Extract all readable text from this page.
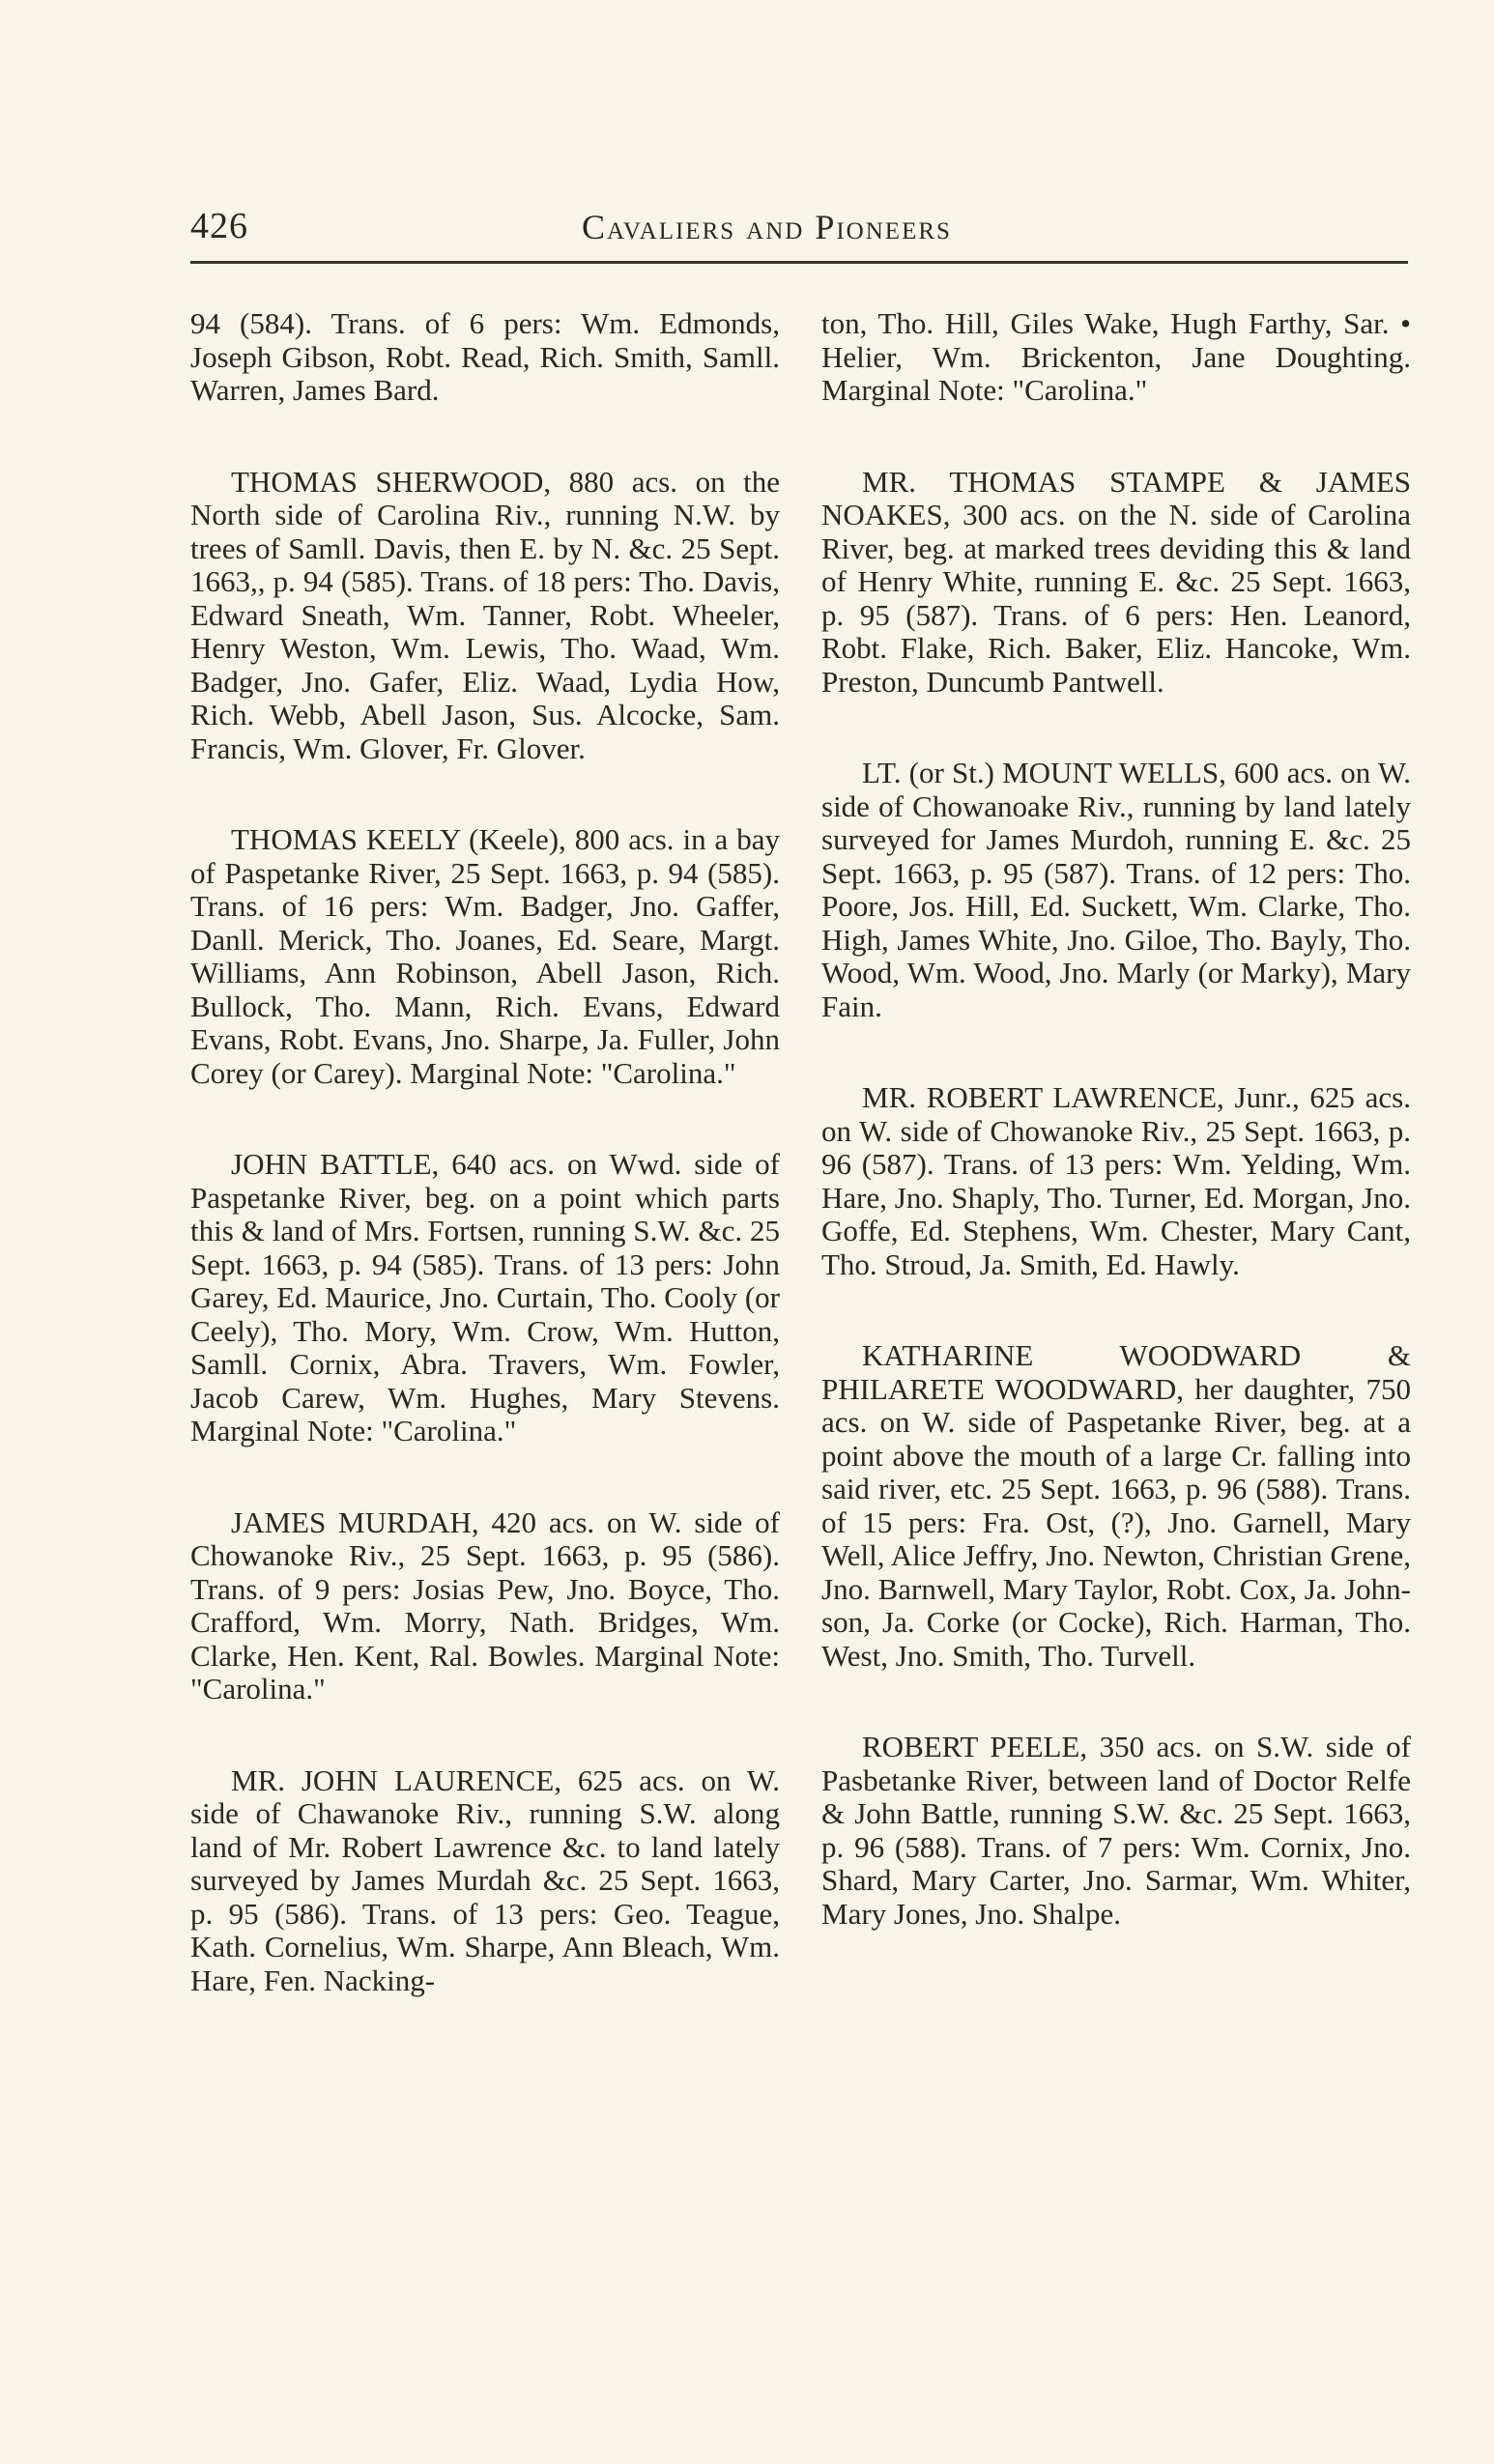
426	Cavaliers and Pioneers

94 (584). Trans. of 6 pers: Wm. Edmonds, Joseph Gibson, Robt. Read, Rich. Smith, Samll. Warren, James Bard.

THOMAS SHERWOOD, 880 acs. on the North side of Carolina Riv., running N.W. by trees of Samll. Davis, then E. by N. &c. 25 Sept. 1663,, p. 94 (585). Trans. of 18 pers: Tho. Davis, Edward Sneath, Wm. Tanner, Robt. Wheeler, Henry Weston, Wm. Lewis, Tho. Waad, Wm. Badger, Jno. Gafer, Eliz. Waad, Lydia How, Rich. Webb, Abell Jason, Sus. Alcocke, Sam. Francis, Wm. Glover, Fr. Glover.

THOMAS KEELY (Keele), 800 acs. in a bay of Paspetanke River, 25 Sept. 1663, p. 94 (585). Trans. of 16 pers: Wm. Badger, Jno. Gaffer, Danll. Merick, Tho. Joanes, Ed. Seare, Margt. Williams, Ann Robinson, Abell Jason, Rich. Bullock, Tho. Mann, Rich. Evans, Edward Evans, Robt. Evans, Jno. Sharpe, Ja. Fuller, John Corey (or Carey). Marginal Note: "Carolina."

JOHN BATTLE, 640 acs. on Wwd. side of Paspetanke River, beg. on a point which parts this & land of Mrs. Fortsen, running S.W. &c. 25 Sept. 1663, p. 94 (585). Trans. of 13 pers: John Garey, Ed. Maurice, Jno. Curtain, Tho. Cooly (or Ceely), Tho. Mory, Wm. Crow, Wm. Hutton, Samll. Cornix, Abra. Travers, Wm. Fowler, Jacob Carew, Wm. Hughes, Mary Stevens. Marginal Note: "Carolina."

JAMES MURDAH, 420 acs. on W. side of Chowanoke Riv., 25 Sept. 1663, p. 95 (586). Trans. of 9 pers: Josias Pew, Jno. Boyce, Tho. Crafford, Wm. Morry, Nath. Bridges, Wm. Clarke, Hen. Kent, Ral. Bowles. Marginal Note: "Carolina."

MR. JOHN LAURENCE, 625 acs. on W. side of Chawanoke Riv., running S.W. along land of Mr. Robert Lawrence &c. to land lately surveyed by James Murdah &c. 25 Sept. 1663, p. 95 (586). Trans. of 13 pers: Geo. Teague, Kath. Cornelius, Wm. Sharpe, Ann Bleach, Wm. Hare, Fen. Nacking-

ton, Tho. Hill, Giles Wake, Hugh Farthy, Sar. • Helier, Wm. Brickenton, Jane Doughting. Marginal Note: "Carolina."

MR. THOMAS STAMPE & JAMES NOAKES, 300 acs. on the N. side of Carolina River, beg. at marked trees deviding this & land of Henry White, running E. &c. 25 Sept. 1663, p. 95 (587). Trans. of 6 pers: Hen. Leanord, Robt. Flake, Rich. Baker, Eliz. Hancoke, Wm. Preston, Duncumb Pantwell.

LT. (or St.) MOUNT WELLS, 600 acs. on W. side of Chowanoake Riv., running by land lately surveyed for James Murdoh, running E. &c. 25 Sept. 1663, p. 95 (587). Trans. of 12 pers: Tho. Poore, Jos. Hill, Ed. Suckett, Wm. Clarke, Tho. High, James White, Jno. Giloe, Tho. Bayly, Tho. Wood, Wm. Wood, Jno. Marly (or Marky), Mary Fain.

MR. ROBERT LAWRENCE, Junr., 625 acs. on W. side of Chowanoke Riv., 25 Sept. 1663, p. 96 (587). Trans. of 13 pers: Wm. Yelding, Wm. Hare, Jno. Shaply, Tho. Turner, Ed. Morgan, Jno. Goffe, Ed. Stephens, Wm. Chester, Mary Cant, Tho. Stroud, Ja. Smith, Ed. Hawly.

KATHARINE WOODWARD & PHILARETE WOODWARD, her daughter, 750 acs. on W. side of Paspetanke River, beg. at a point above the mouth of a large Cr. falling into said river, etc. 25 Sept. 1663, p. 96 (588). Trans. of 15 pers: Fra. Ost, (?), Jno. Garnell, Mary Well, Alice Jeffry, Jno. Newton, Christian Grene, Jno. Barnwell, Mary Taylor, Robt. Cox, Ja. Johnson, Ja. Corke (or Cocke), Rich. Harman, Tho. West, Jno. Smith, Tho. Turvell.

ROBERT PEELE, 350 acs. on S.W. side of Pasbetanke River, between land of Doctor Relfe & John Battle, running S.W. &c. 25 Sept. 1663, p. 96 (588). Trans. of 7 pers: Wm. Cornix, Jno. Shard, Mary Carter, Jno. Sarmar, Wm. Whiter, Mary Jones, Jno. Shalpe.
